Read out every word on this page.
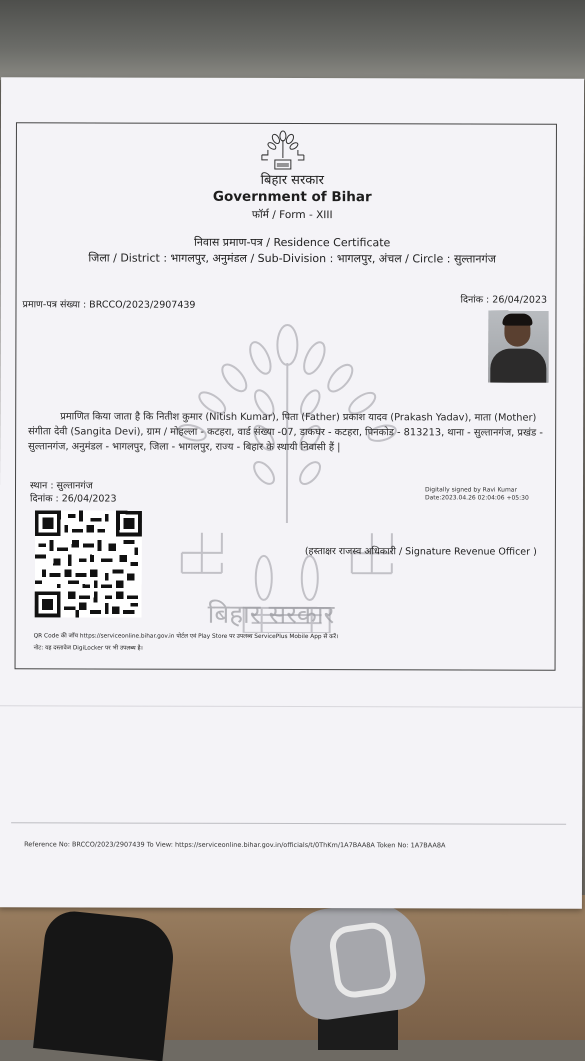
बिहार सरकार
Government of Bihar
फॉर्म / Form - XIII
निवास प्रमाण-पत्र / Residence Certificate
जिला / District : भागलपुर, अनुमंडल / Sub-Division : भागलपुर, अंचल / Circle : सुल्तानगंज
प्रमाण-पत्र संख्या : BRCCO/2023/2907439	दिनांक : 26/04/2023
बिहार सरकार
प्रमाणित किया जाता है कि नितीश कुमार (Nitish Kumar), पिता (Father) प्रकाश यादव (Prakash Yadav), माता (Mother) संगीता देवी (Sangita Devi), ग्राम / मोहल्ला - कटहरा, वार्ड संख्या -07, डाकघर - कटहरा, पिनकोड - 813213, थाना - सुल्तानगंज, प्रखंड - सुल्तानगंज, अनुमंडल - भागलपुर, जिला - भागलपुर, राज्य - बिहार के स्थायी निवासी हैं |
स्थान : सुल्तानगंज
दिनांक : 26/04/2023
Digitally signed by Ravi Kumar
Date:2023.04.26 02:04:06 +05:30
(हस्ताक्षर राजस्व अधिकारी / Signature Revenue Officer )
QR Code की जाँच https://serviceonline.bihar.gov.in पोर्टल एवं Play Store पर उपलब्ध ServicePlus Mobile App से करें।
नोट: यह दस्तावेज DigiLocker पर भी उपलब्ध है।
Reference No: BRCCO/2023/2907439 To View: https://serviceonline.bihar.gov.in/officials/t/0ThKm/1A7BAA8A Token No: 1A7BAA8A
